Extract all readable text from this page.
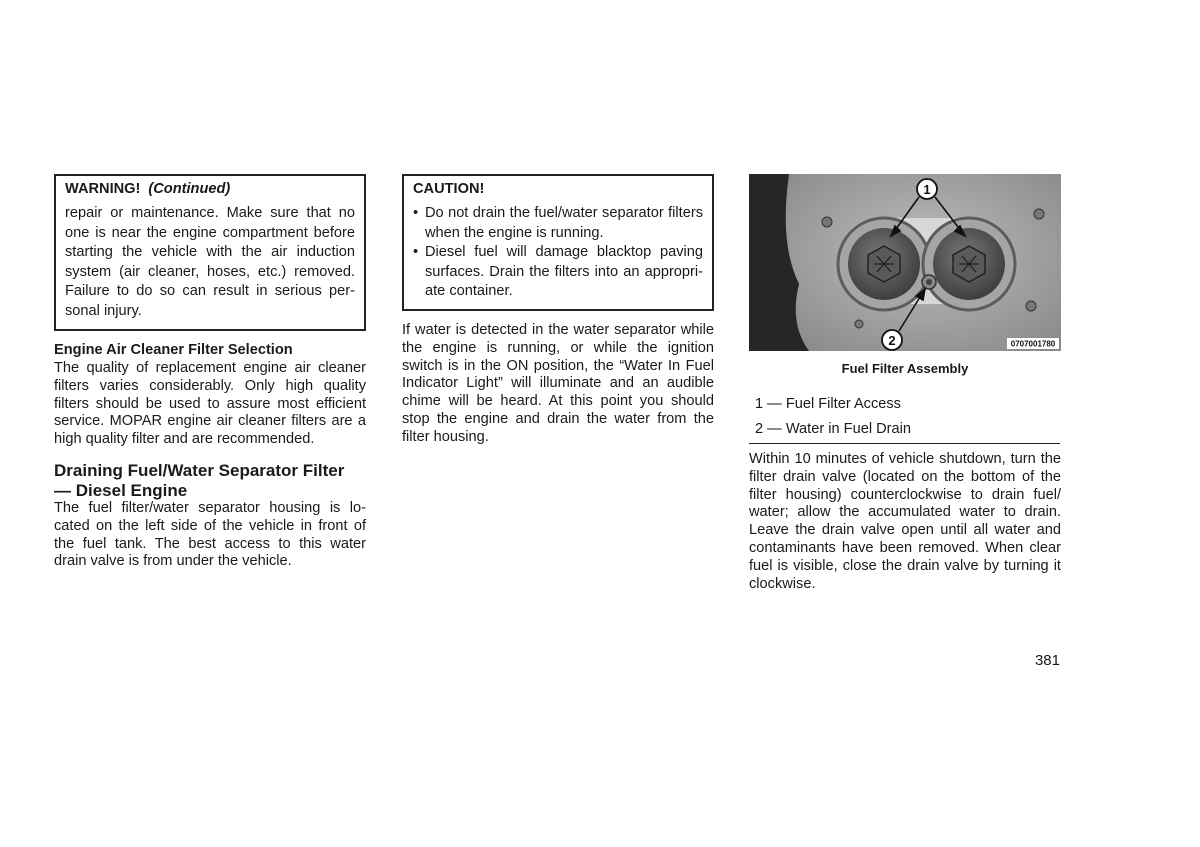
WARNING! (Continued)
repair or maintenance. Make sure that no one is near the engine compartment before starting the vehicle with the air induction system (air cleaner, hoses, etc.) removed. Failure to do so can result in serious per-sonal injury.
Engine Air Cleaner Filter Selection
The quality of replacement engine air cleaner filters varies considerably. Only high quality filters should be used to assure most efficient service. MOPAR engine air cleaner filters are a high quality filter and are recommended.
Draining Fuel/Water Separator Filter — Diesel Engine
The fuel filter/water separator housing is lo-cated on the left side of the vehicle in front of the fuel tank. The best access to this water drain valve is from under the vehicle.
CAUTION!
• Do not drain the fuel/water separator filters when the engine is running.
• Diesel fuel will damage blacktop paving surfaces. Drain the filters into an appropri-ate container.
If water is detected in the water separator while the engine is running, or while the ignition switch is in the ON position, the “Water In Fuel Indicator Light” will illuminate and an audible chime will be heard. At this point you should stop the engine and drain the water from the filter housing.
1
2	0707001780
Fuel Filter Assembly
1 — Fuel Filter Access
2 — Water in Fuel Drain
Within 10 minutes of vehicle shutdown, turn the filter drain valve (located on the bottom of the filter housing) counterclockwise to drain fuel/ water; allow the accumulated water to drain. Leave the drain valve open until all water and contaminants have been removed. When clear fuel is visible, close the drain valve by turning it clockwise.
381
